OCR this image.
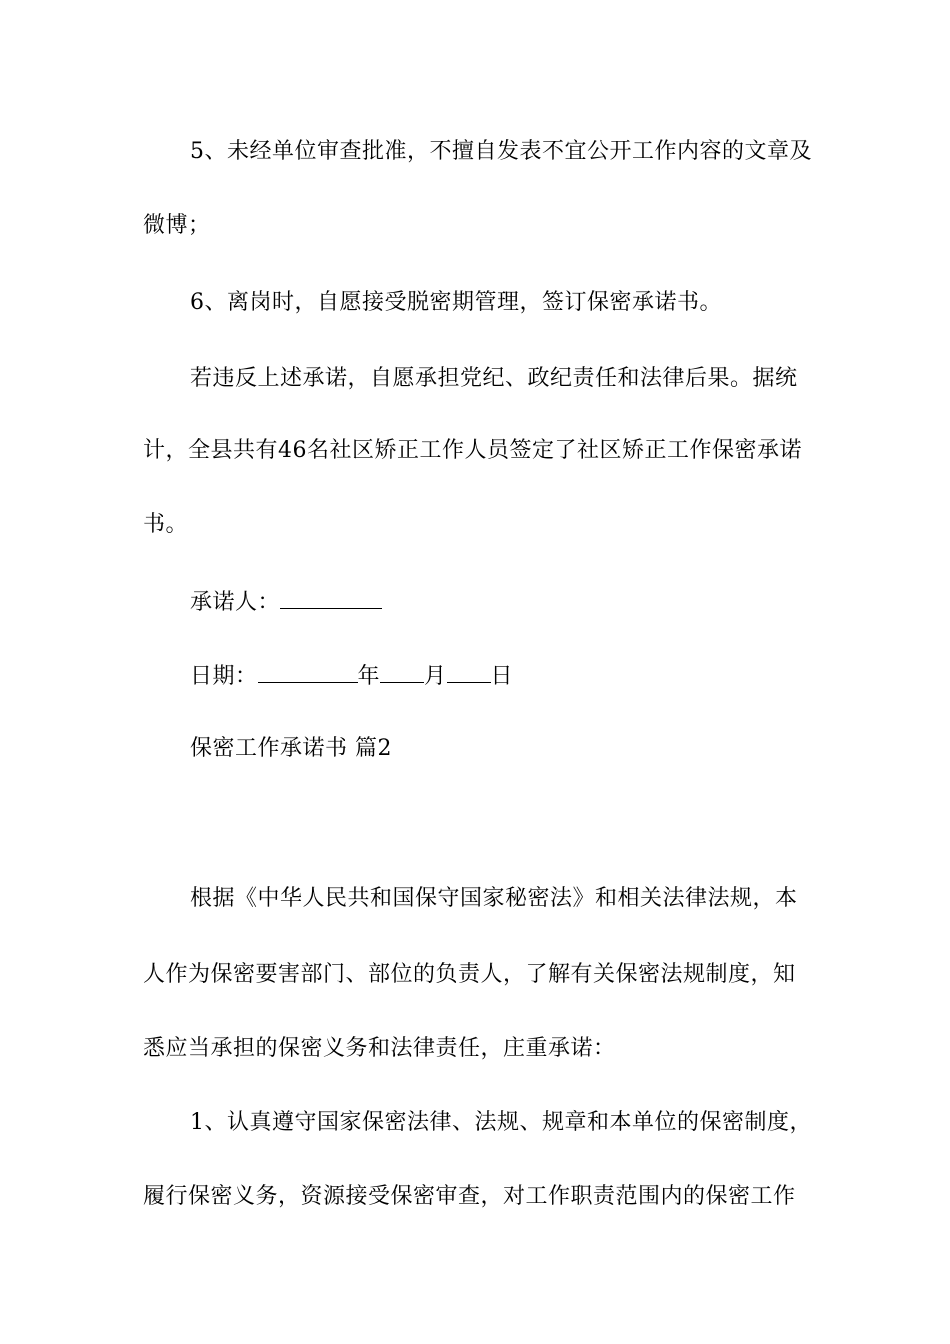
5、未经单位审查批准，不擅自发表不宜公开工作内容的文章及
微博；
6、离岗时，自愿接受脱密期管理，签订保密承诺书。
若违反上述承诺，自愿承担党纪、政纪责任和法律后果。据统
计，全县共有46名社区矫正工作人员签定了社区矫正工作保密承诺
书。
承诺人：
日期：	年 月 日
保密工作承诺书 篇2
根据《中华人民共和国保守国家秘密法》和相关法律法规，本
人作为保密要害部门、部位的负责人，了解有关保密法规制度，知
悉应当承担的保密义务和法律责任，庄重承诺：
1、认真遵守国家保密法律、法规、规章和本单位的保密制度，
履行保密义务，资源接受保密审查，对工作职责范围内的保密工作
